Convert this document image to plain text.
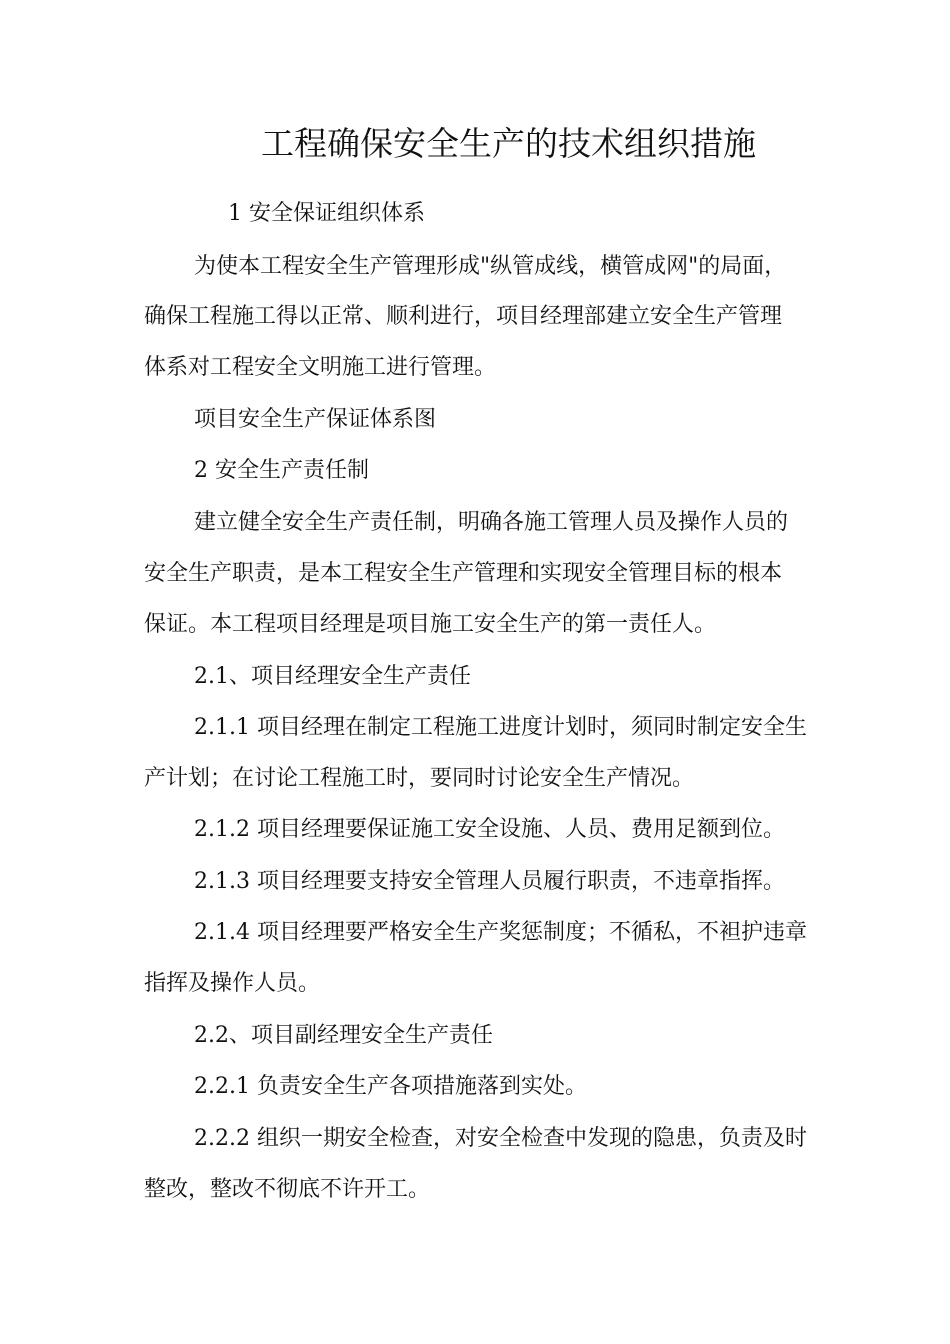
工程确保安全生产的技术组织措施
1 安全保证组织体系
为使本工程安全生产管理形成"纵管成线，横管成网"的局面，
确保工程施工得以正常、顺利进行，项目经理部建立安全生产管理
体系对工程安全文明施工进行管理。
项目安全生产保证体系图
2 安全生产责任制
建立健全安全生产责任制，明确各施工管理人员及操作人员的
安全生产职责，是本工程安全生产管理和实现安全管理目标的根本
保证。本工程项目经理是项目施工安全生产的第一责任人。
2.1、项目经理安全生产责任
2.1.1 项目经理在制定工程施工进度计划时，须同时制定安全生
产计划；在讨论工程施工时，要同时讨论安全生产情况。
2.1.2 项目经理要保证施工安全设施、人员、费用足额到位。
2.1.3 项目经理要支持安全管理人员履行职责，不违章指挥。
2.1.4 项目经理要严格安全生产奖惩制度；不循私，不袒护违章
指挥及操作人员。
2.2、项目副经理安全生产责任
2.2.1 负责安全生产各项措施落到实处。
2.2.2 组织一期安全检查，对安全检查中发现的隐患，负责及时
整改，整改不彻底不许开工。
